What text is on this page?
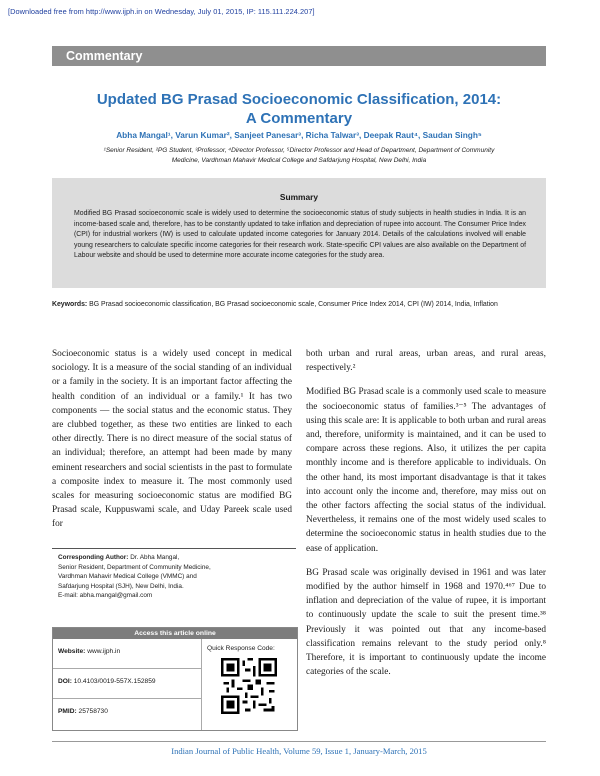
[Downloaded free from http://www.ijph.in on Wednesday, July 01, 2015, IP: 115.111.224.207]
Commentary
Updated BG Prasad Socioeconomic Classification, 2014:
A Commentary
Abha Mangal¹, Varun Kumar², Sanjeet Panesar³, Richa Talwar³, Deepak Raut⁴, Saudan Singh⁵
¹Senior Resident, ²PG Student, ³Professor, ⁴Director Professor, ⁵Director Professor and Head of Department, Department of Community
Medicine, Vardhman Mahavir Medical College and Safdarjung Hospital, New Delhi, India
Summary
Modified BG Prasad socioeconomic scale is widely used to determine the socioeconomic status of study subjects in health studies in India. It is an income-based scale and, therefore, has to be constantly updated to take inflation and depreciation of rupee into account. The Consumer Price Index (CPI) for industrial workers (IW) is used to calculate updated income categories for January 2014. Details of the calculations involved will enable young researchers to calculate specific income categories for their research work. State-specific CPI values are also available on the Department of Labour website and should be used to determine more accurate income categories for the study area.
Keywords: BG Prasad socioeconomic classification, BG Prasad socioeconomic scale, Consumer Price Index 2014, CPI (IW) 2014, India, Inflation

Socioeconomic status is a widely used concept in medical sociology. It is a measure of the social standing of an individual or a family in the society. It is an important factor affecting the health condition of an individual or a family.¹ It has two components — the social status and the economic status. They are clubbed together, as these two entities are linked to each other directly. There is no direct measure of the social status of an individual; therefore, an attempt had been made by many eminent researchers and social scientists in the past to formulate a composite index to measure it. The most commonly used scales for measuring socioeconomic status are modified BG Prasad scale, Kuppuswami scale, and Uday Pareek scale used for

both urban and rural areas, urban areas, and rural areas, respectively.²

Modified BG Prasad scale is a commonly used scale to measure the socioeconomic status of families.³⁻⁵ The advantages of using this scale are: It is applicable to both urban and rural areas and, therefore, uniformity is maintained, and it can be used to compare across these regions. Also, it utilizes the per capita monthly income and is therefore applicable to individuals. On the other hand, its most important disadvantage is that it takes into account only the income and, therefore, may miss out on the other factors affecting the social status of the individual. Nevertheless, it remains one of the most widely used scales to determine the socioeconomic status in health studies due to the ease of application.

BG Prasad scale was originally devised in 1961 and was later modified by the author himself in 1968 and 1970.⁴⁶⁷ Due to inflation and depreciation of the value of rupee, it is important to continuously update the scale to suit the present time.³⁸ Previously it was pointed out that any income-based classification remains relevant to the study period only.⁸ Therefore, it is important to continuously update the income categories of the scale.

Corresponding Author: Dr. Abha Mangal,
Senior Resident, Department of Community Medicine,
Vardhman Mahavir Medical College (VMMC) and
Safdarjung Hospital (SJH), New Delhi, India.
E-mail: abha.mangal@gmail.com
Access this article online
Website: www.ijph.in
DOI: 10.4103/0019-557X.152859
PMID: 25758730
Quick Response Code:
Indian Journal of Public Health, Volume 59, Issue 1, January-March, 2015
